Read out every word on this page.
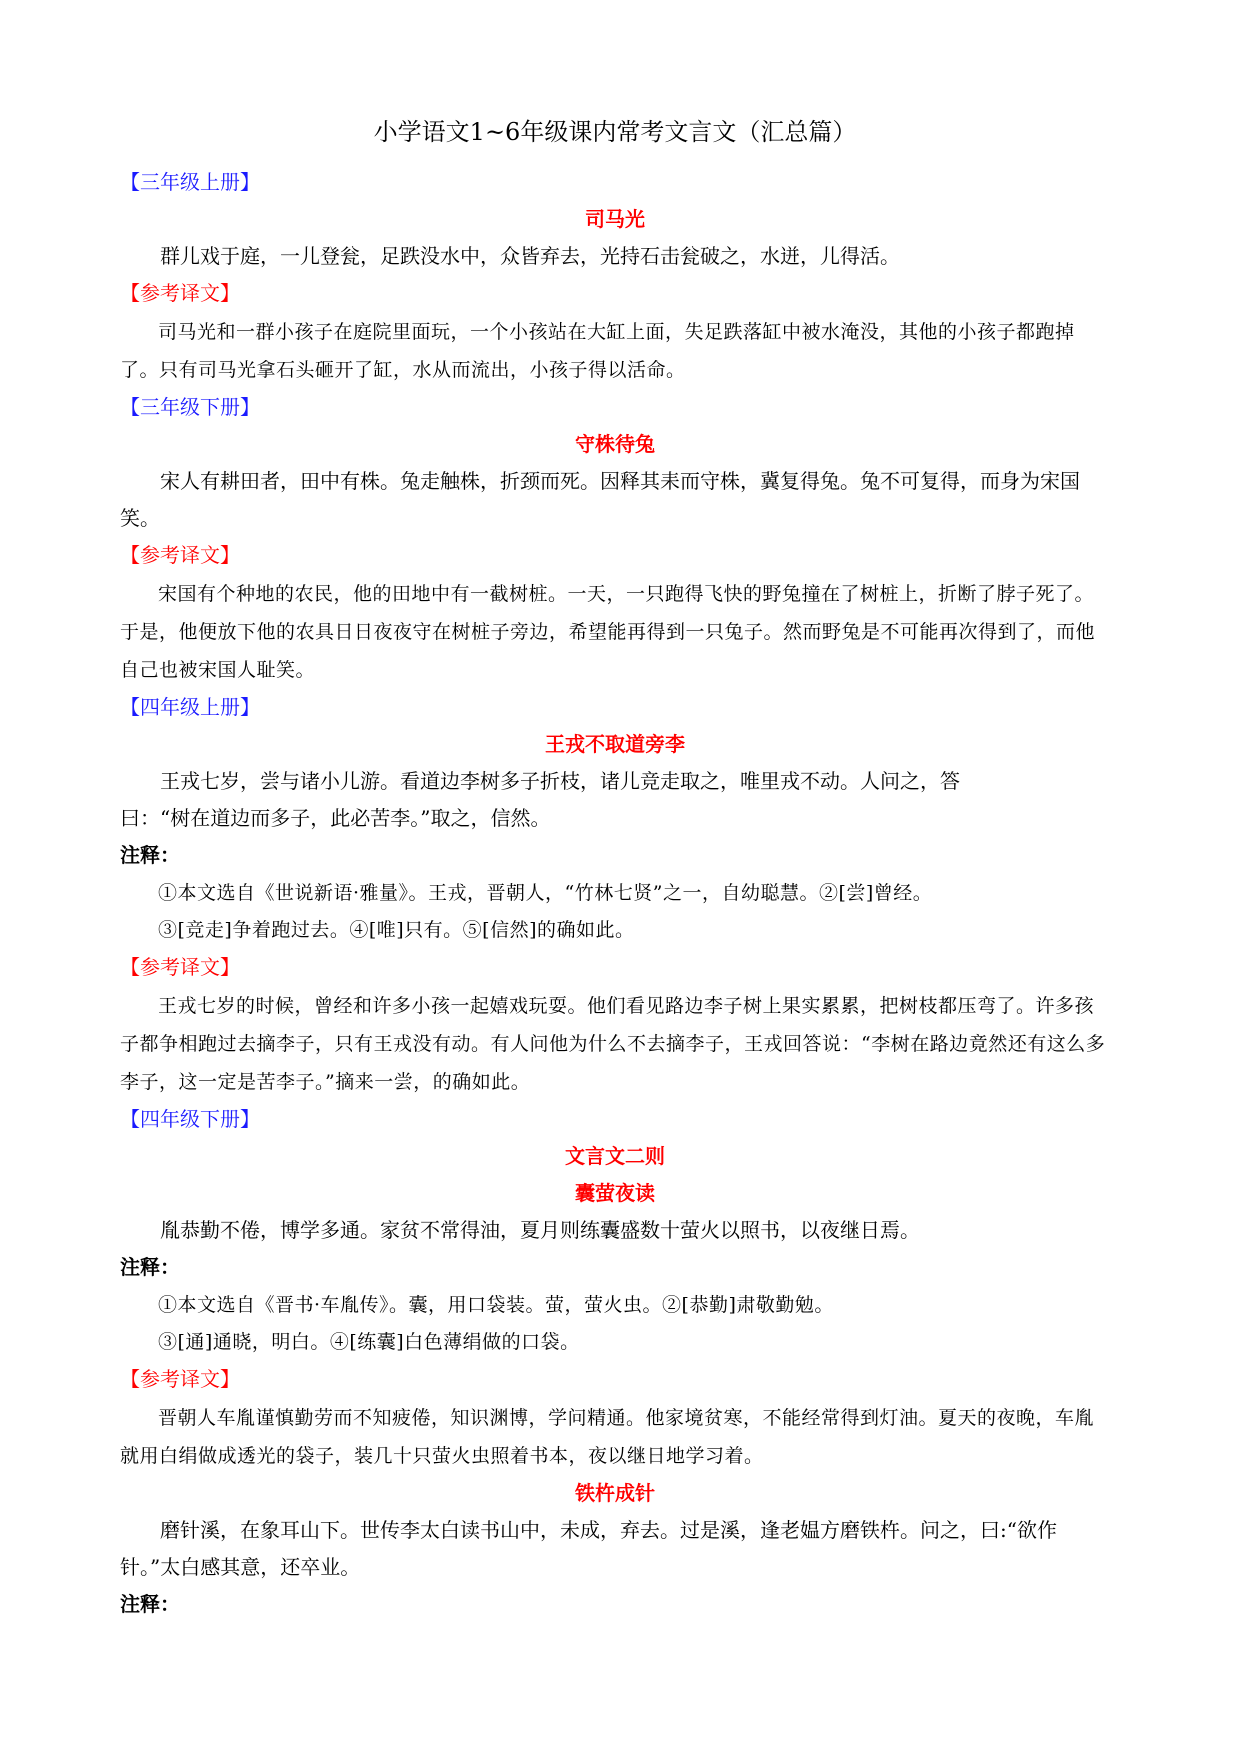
小学语文1~6年级课内常考文言文（汇总篇）
【三年级上册】
司马光

群儿戏于庭，一儿登瓮，足跌没水中，众皆弃去，光持石击瓮破之，水迸，儿得活。

【参考译文】

司马光和一群小孩子在庭院里面玩，一个小孩站在大缸上面，失足跌落缸中被水淹没，其他的小孩子都跑掉了。只有司马光拿石头砸开了缸，水从而流出，小孩子得以活命。

【三年级下册】
守株待兔

宋人有耕田者，田中有株。兔走触株，折颈而死。因释其耒而守株，冀复得兔。兔不可复得，而身为宋国笑。

【参考译文】

宋国有个种地的农民，他的田地中有一截树桩。一天，一只跑得飞快的野兔撞在了树桩上，折断了脖子死了。于是，他便放下他的农具日日夜夜守在树桩子旁边，希望能再得到一只兔子。然而野兔是不可能再次得到了，而他自己也被宋国人耻笑。

【四年级上册】
王戎不取道旁李

王戎七岁，尝与诸小儿游。看道边李树多子折枝，诸儿竞走取之，唯里戎不动。人问之，答

曰：“树在道边而多子，此必苦李。”取之，信然。

注释：

①本文选自《世说新语·雅量》。王戎，晋朝人，“竹林七贤”之一，自幼聪慧。②[尝]曾经。

③[竞走]争着跑过去。④[唯]只有。⑤[信然]的确如此。

【参考译文】

王戎七岁的时候，曾经和许多小孩一起嬉戏玩耍。他们看见路边李子树上果实累累，把树枝都压弯了。许多孩子都争相跑过去摘李子，只有王戎没有动。有人问他为什么不去摘李子，王戎回答说：“李树在路边竟然还有这么多李子，这一定是苦李子。”摘来一尝，的确如此。

【四年级下册】
文言文二则
囊萤夜读

胤恭勤不倦，博学多通。家贫不常得油，夏月则练囊盛数十萤火以照书，以夜继日焉。

注释：

①本文选自《晋书·车胤传》。囊，用口袋装。萤，萤火虫。②[恭勤]肃敬勤勉。

③[通]通晓，明白。④[练囊]白色薄绢做的口袋。

【参考译文】

晋朝人车胤谨慎勤劳而不知疲倦，知识渊博，学问精通。他家境贫寒，不能经常得到灯油。夏天的夜晚，车胤就用白绢做成透光的袋子，装几十只萤火虫照着书本，夜以继日地学习着。

铁杵成针

磨针溪，在象耳山下。世传李太白读书山中，未成，弃去。过是溪，逢老媪方磨铁杵。问之，曰:“欲作针。”太白感其意，还卒业。

注释：
